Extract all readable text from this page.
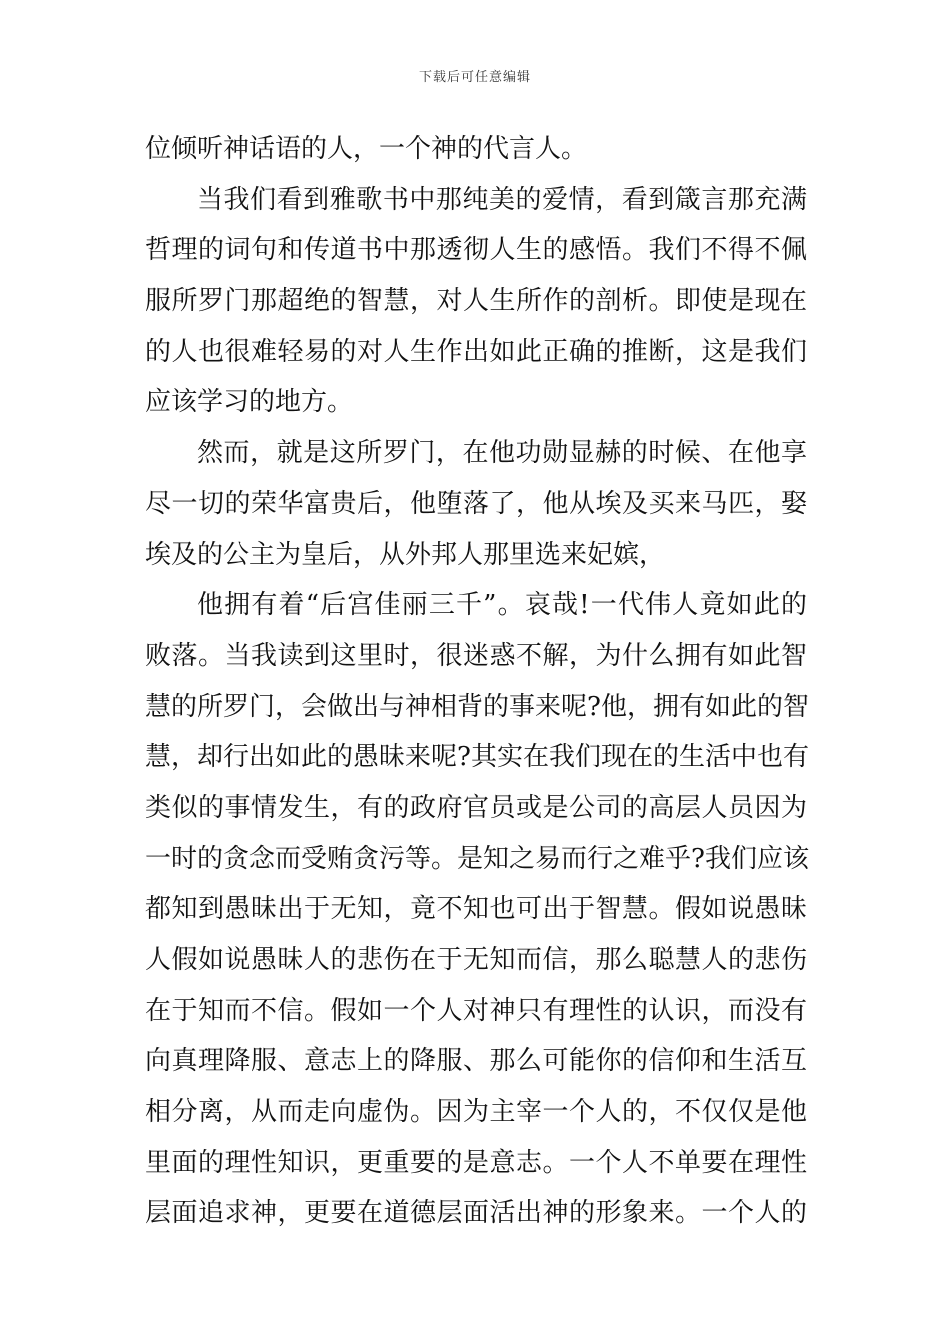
下载后可任意编辑
位倾听神话语的人，一个神的代言人。
当我们看到雅歌书中那纯美的爱情，看到箴言那充满
哲理的词句和传道书中那透彻人生的感悟。我们不得不佩
服所罗门那超绝的智慧，对人生所作的剖析。即使是现在
的人也很难轻易的对人生作出如此正确的推断，这是我们
应该学习的地方。
然而，就是这所罗门，在他功勋显赫的时候、在他享
尽一切的荣华富贵后，他堕落了，他从埃及买来马匹，娶
埃及的公主为皇后，从外邦人那里选来妃嫔，
他拥有着“后宫佳丽三千”。哀哉!一代伟人竟如此的
败落。当我读到这里时，很迷惑不解，为什么拥有如此智
慧的所罗门，会做出与神相背的事来呢?他，拥有如此的智
慧，却行出如此的愚昧来呢?其实在我们现在的生活中也有
类似的事情发生，有的政府官员或是公司的高层人员因为
一时的贪念而受贿贪污等。是知之易而行之难乎?我们应该
都知到愚昧出于无知，竟不知也可出于智慧。假如说愚昧
人假如说愚昧人的悲伤在于无知而信，那么聪慧人的悲伤
在于知而不信。假如一个人对神只有理性的认识，而没有
向真理降服、意志上的降服、那么可能你的信仰和生活互
相分离，从而走向虚伪。因为主宰一个人的，不仅仅是他
里面的理性知识，更重要的是意志。一个人不单要在理性
层面追求神，更要在道德层面活出神的形象来。一个人的
